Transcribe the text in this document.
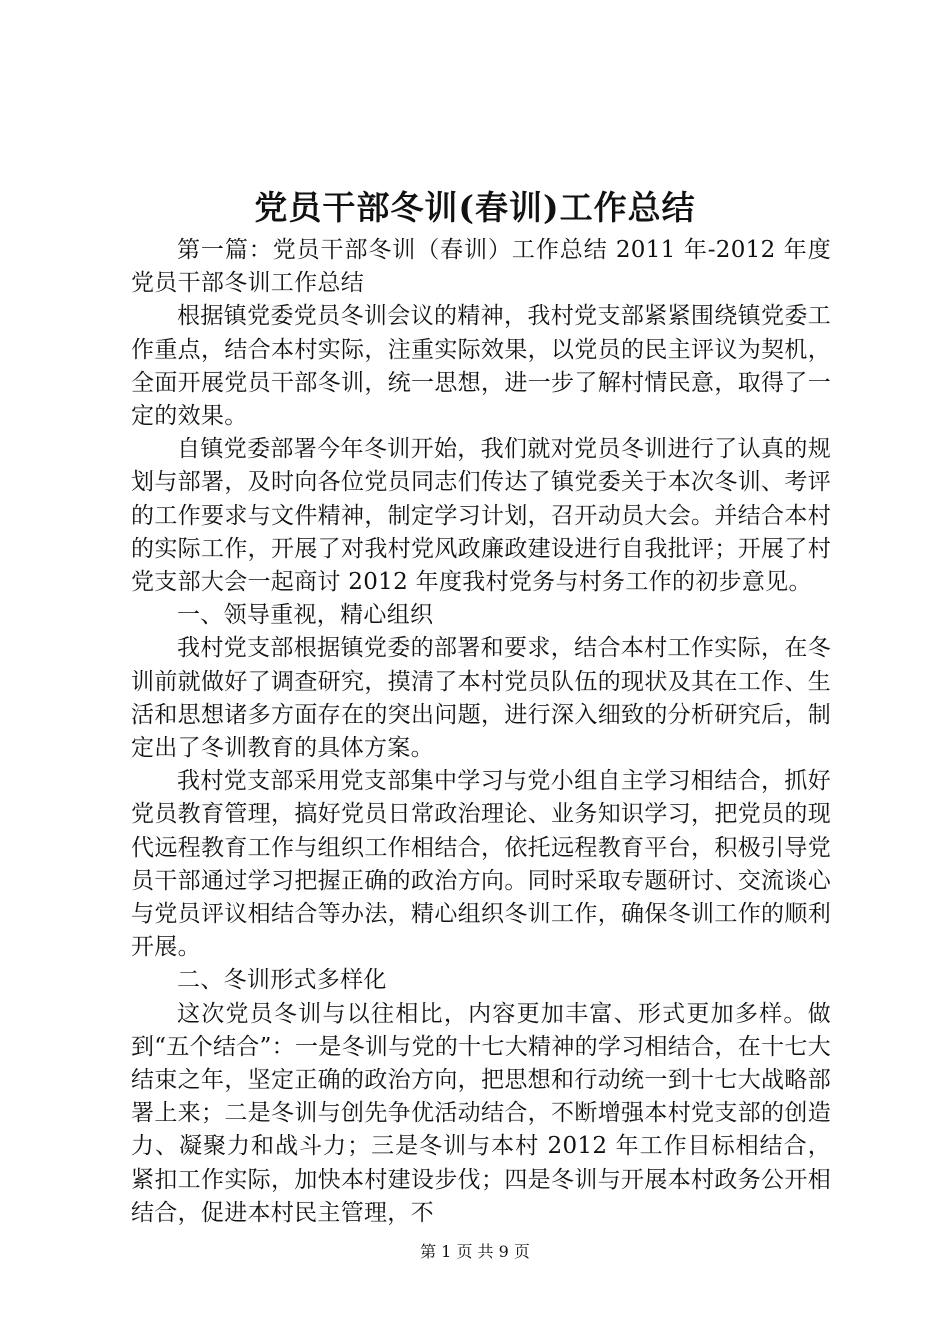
党员干部冬训(春训)工作总结

第一篇：党员干部冬训（春训）工作总结 2011 年-2012 年度党员干部冬训工作总结

根据镇党委党员冬训会议的精神，我村党支部紧紧围绕镇党委工作重点，结合本村实际，注重实际效果，以党员的民主评议为契机，全面开展党员干部冬训，统一思想，进一步了解村情民意，取得了一定的效果。

自镇党委部署今年冬训开始，我们就对党员冬训进行了认真的规划与部署，及时向各位党员同志们传达了镇党委关于本次冬训、考评的工作要求与文件精神，制定学习计划，召开动员大会。并结合本村的实际工作，开展了对我村党风政廉政建设进行自我批评；开展了村党支部大会一起商讨 2012 年度我村党务与村务工作的初步意见。

一、领导重视，精心组织

我村党支部根据镇党委的部署和要求，结合本村工作实际，在冬训前就做好了调查研究，摸清了本村党员队伍的现状及其在工作、生活和思想诸多方面存在的突出问题，进行深入细致的分析研究后，制定出了冬训教育的具体方案。

我村党支部采用党支部集中学习与党小组自主学习相结合，抓好党员教育管理，搞好党员日常政治理论、业务知识学习，把党员的现代远程教育工作与组织工作相结合，依托远程教育平台，积极引导党员干部通过学习把握正确的政治方向。同时采取专题研讨、交流谈心与党员评议相结合等办法，精心组织冬训工作，确保冬训工作的顺利开展。

二、冬训形式多样化

这次党员冬训与以往相比，内容更加丰富、形式更加多样。做到“五个结合”：一是冬训与党的十七大精神的学习相结合，在十七大结束之年，坚定正确的政治方向，把思想和行动统一到十七大战略部署上来；二是冬训与创先争优活动结合，不断增强本村党支部的创造力、凝聚力和战斗力；三是冬训与本村 2012 年工作目标相结合，紧扣工作实际，加快本村建设步伐；四是冬训与开展本村政务公开相结合，促进本村民主管理，不

第 1 页 共 9 页
